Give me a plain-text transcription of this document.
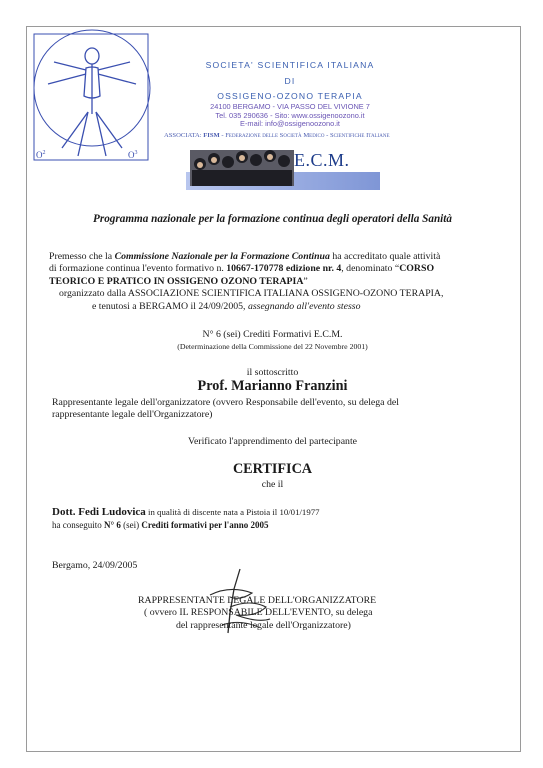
$O^2$	$O^3$
SOCIETA' SCIENTIFICA ITALIANA
DI
OSSIGENO-OZONO TERAPIA
24100 BERGAMO - VIA PASSO DEL VIVIONE 7
Tel. 035 290636 - Sito: www.ossigenoozono.it
E-mail: info@ossigenoozono.it
ASSOCIATA: FISM - Federazione delle Società Medico - Scientifiche Italiane
E.C.M.
Programma nazionale per la formazione continua degli operatori della Sanità
Premesso che la Commissione Nazionale per la Formazione Continua ha accreditato quale attività
di formazione continua l'evento formativo n. 10667-170778 edizione nr. 4, denominato “CORSO
TEORICO E PRATICO IN OSSIGENO OZONO TERAPIA”
organizzato dalla ASSOCIAZIONE SCIENTIFICA ITALIANA OSSIGENO-OZONO TERAPIA,
e tenutosi a BERGAMO il 24/09/2005, assegnando all'evento stesso
N° 6 (sei) Crediti Formativi E.C.M.
(Determinazione della Commissione del 22 Novembre 2001)
il sottoscritto
Prof. Marianno Franzini
Rappresentante legale dell'organizzatore (ovvero Responsabile dell'evento, su delega del
rappresentante legale dell'Organizzatore)
Verificato l'apprendimento del partecipante
CERTIFICA
che il
Dott. Fedi Ludovica in qualità di discente nata a Pistoia il 10/01/1977
ha conseguito N° 6 (sei) Crediti formativi per l'anno 2005
Bergamo, 24/09/2005
RAPPRESENTANTE LEGALE DELL'ORGANIZZATORE
( ovvero IL RESPONSABILE DELL'EVENTO, su delega
del rappresentante legale dell'Organizzatore)
